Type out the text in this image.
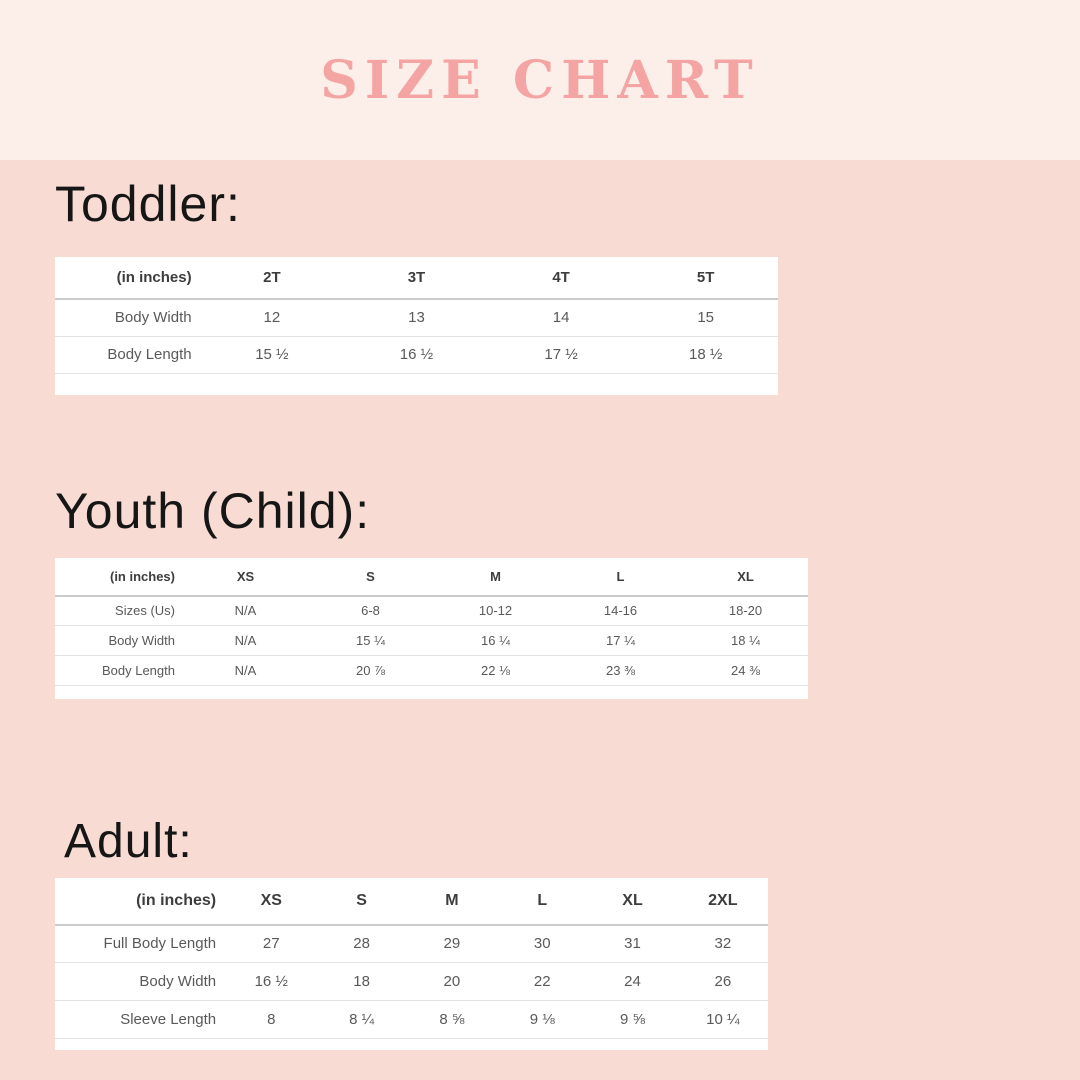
SIZE CHART
Toddler:
(in inches)	2T	3T	4T	5T
Body Width	12	13	14	15
Body Length	15 ½	16 ½	17 ½	18 ½
Youth (Child):
(in inches)	XS	S	M	L	XL
Sizes (Us)	N/A	6-8	10-12	14-16	18-20
Body Width	N/A	15 ¼	16 ¼	17 ¼	18 ¼
Body Length	N/A	20 ⅞	22 ⅛	23 ⅜	24 ⅜
Adult:
(in inches)	XS	S	M	L	XL	2XL
Full Body Length	27	28	29	30	31	32
Body Width	16 ½	18	20	22	24	26
Sleeve Length	8	8 ¼	8 ⅝	9 ⅛	9 ⅝	10 ¼
